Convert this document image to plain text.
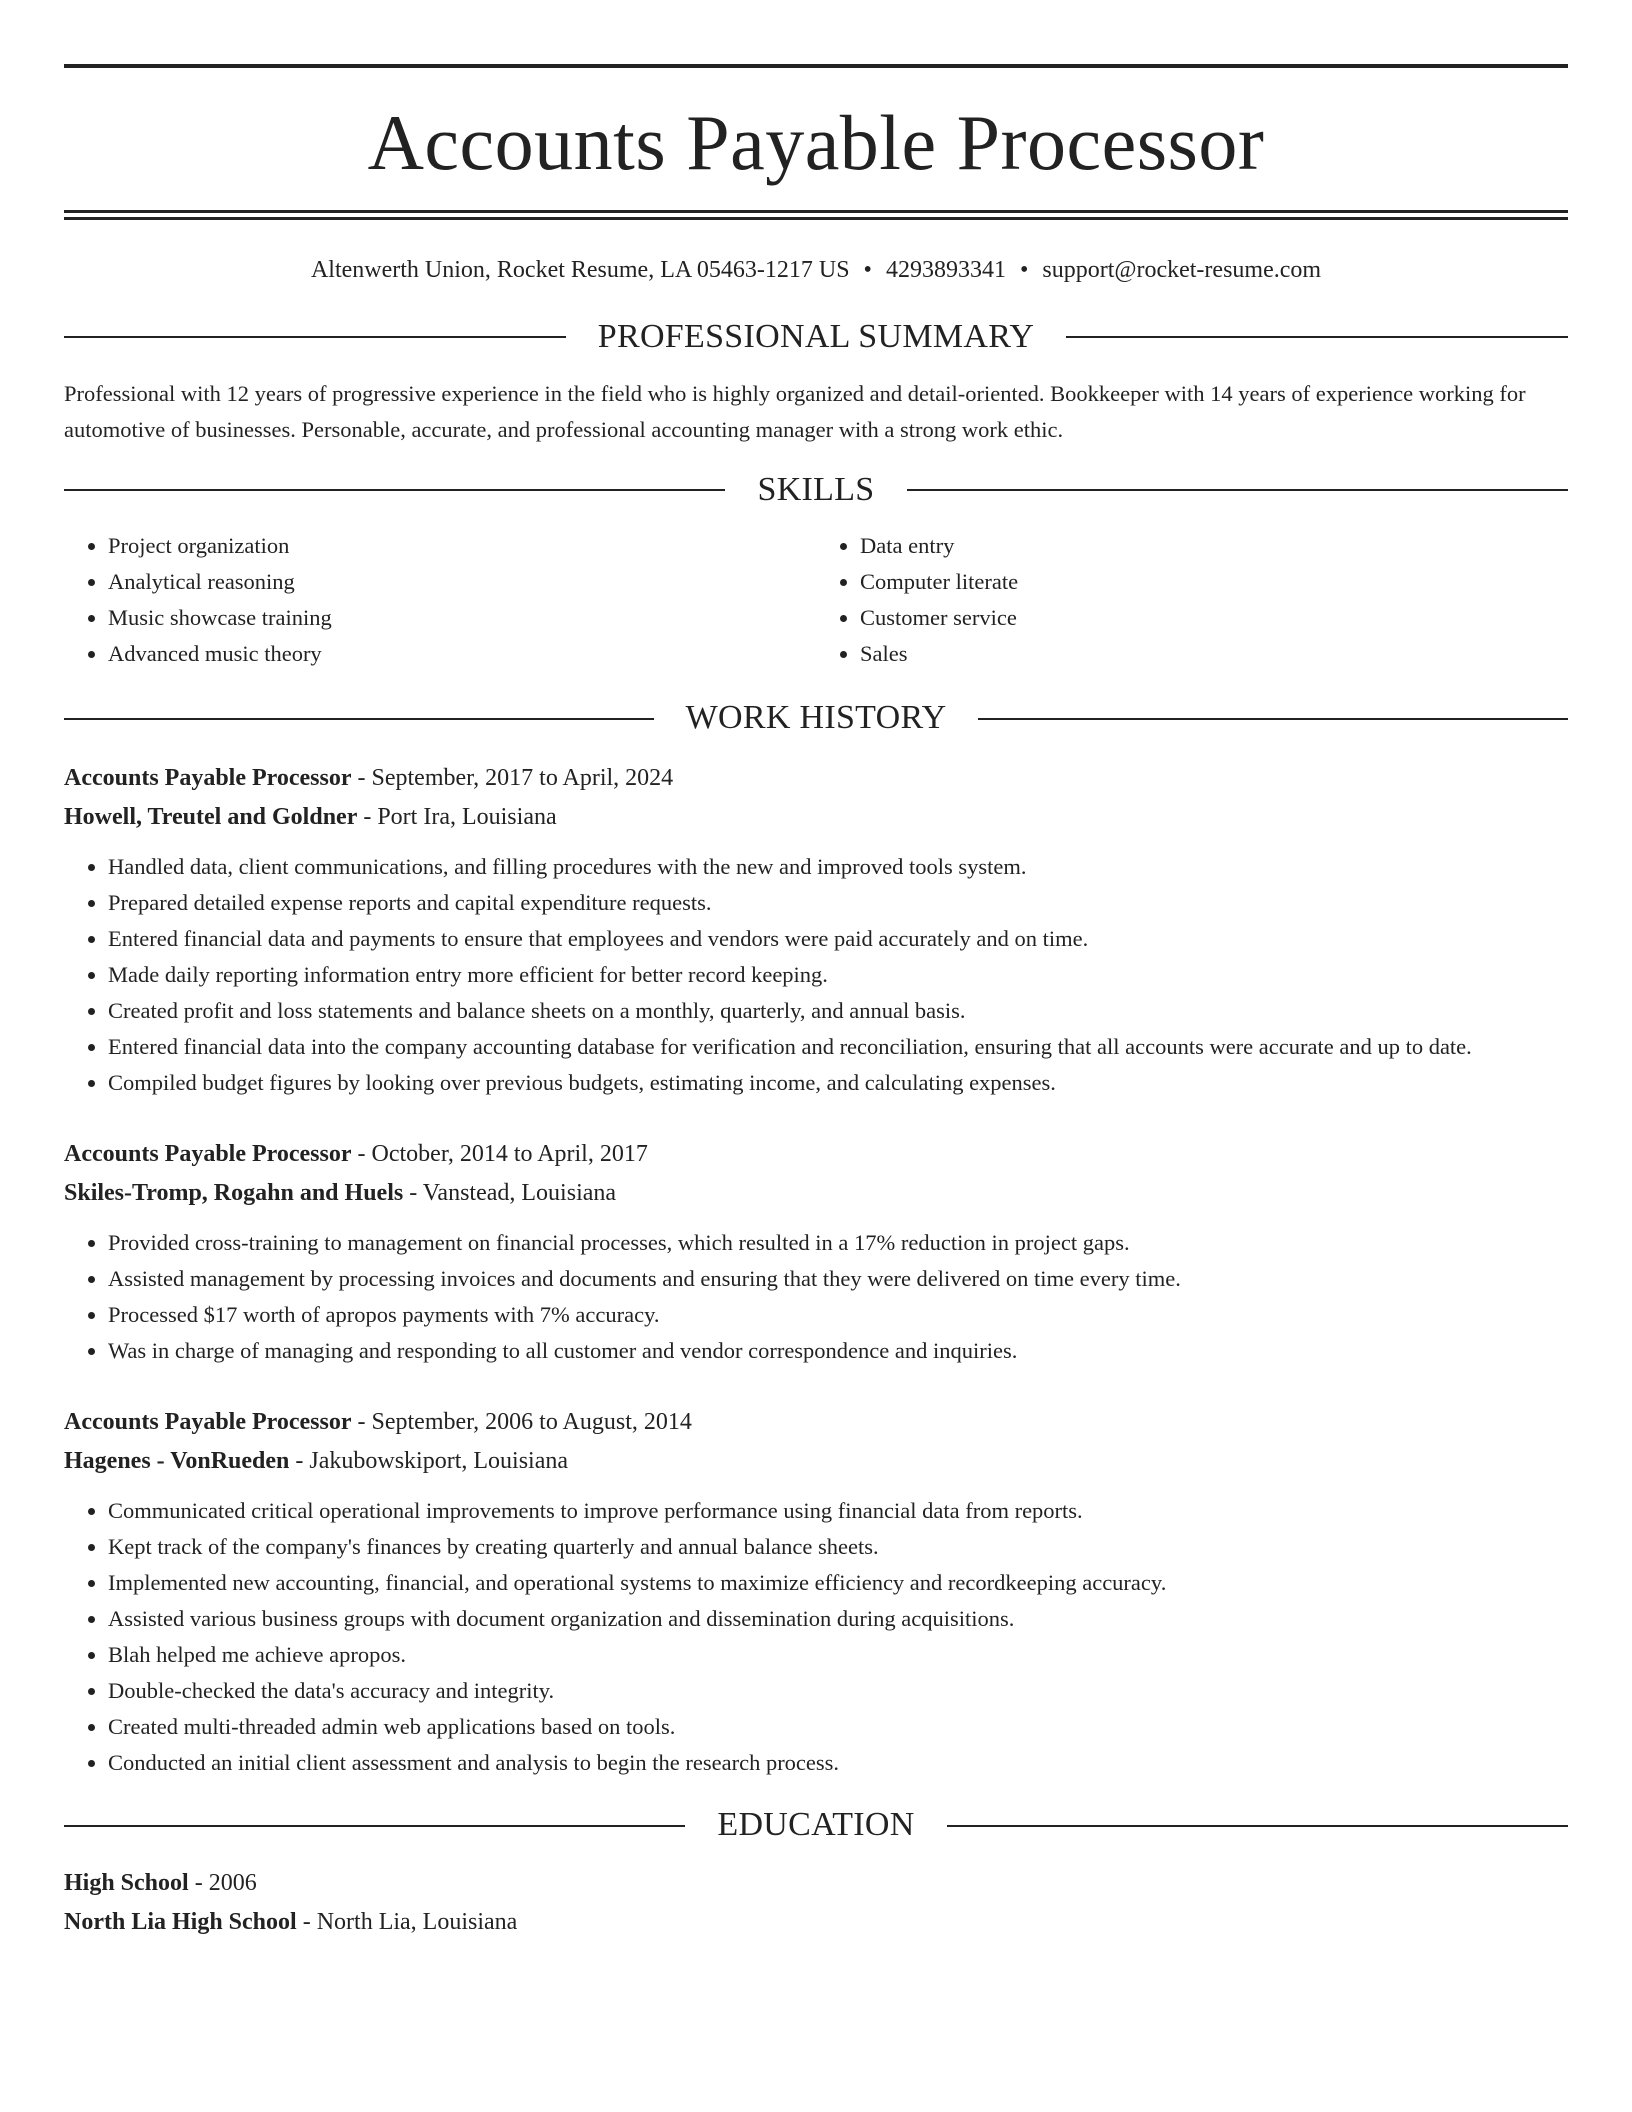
Accounts Payable Processor
Altenwerth Union, Rocket Resume, LA 05463-1217 US • 4293893341 • support@rocket-resume.com
PROFESSIONAL SUMMARY

Professional with 12 years of progressive experience in the field who is highly organized and detail-oriented. Bookkeeper with 14 years of experience working for automotive of businesses. Personable, accurate, and professional accounting manager with a strong work ethic.

SKILLS
• Project organization
• Analytical reasoning
• Music showcase training
• Advanced music theory
• Data entry
• Computer literate
• Customer service
• Sales
WORK HISTORY
Accounts Payable Processor - September, 2017 to April, 2024
Howell, Treutel and Goldner - Port Ira, Louisiana
• Handled data, client communications, and filling procedures with the new and improved tools system.
• Prepared detailed expense reports and capital expenditure requests.
• Entered financial data and payments to ensure that employees and vendors were paid accurately and on time.
• Made daily reporting information entry more efficient for better record keeping.
• Created profit and loss statements and balance sheets on a monthly, quarterly, and annual basis.
• Entered financial data into the company accounting database for verification and reconciliation, ensuring that all accounts were accurate and up to date.
• Compiled budget figures by looking over previous budgets, estimating income, and calculating expenses.
Accounts Payable Processor - October, 2014 to April, 2017
Skiles-Tromp, Rogahn and Huels - Vanstead, Louisiana
• Provided cross-training to management on financial processes, which resulted in a 17% reduction in project gaps.
• Assisted management by processing invoices and documents and ensuring that they were delivered on time every time.
• Processed $17 worth of apropos payments with 7% accuracy.
• Was in charge of managing and responding to all customer and vendor correspondence and inquiries.
Accounts Payable Processor - September, 2006 to August, 2014
Hagenes - VonRueden - Jakubowskiport, Louisiana
• Communicated critical operational improvements to improve performance using financial data from reports.
• Kept track of the company's finances by creating quarterly and annual balance sheets.
• Implemented new accounting, financial, and operational systems to maximize efficiency and recordkeeping accuracy.
• Assisted various business groups with document organization and dissemination during acquisitions.
• Blah helped me achieve apropos.
• Double-checked the data's accuracy and integrity.
• Created multi-threaded admin web applications based on tools.
• Conducted an initial client assessment and analysis to begin the research process.
EDUCATION
High School - 2006
North Lia High School - North Lia, Louisiana
